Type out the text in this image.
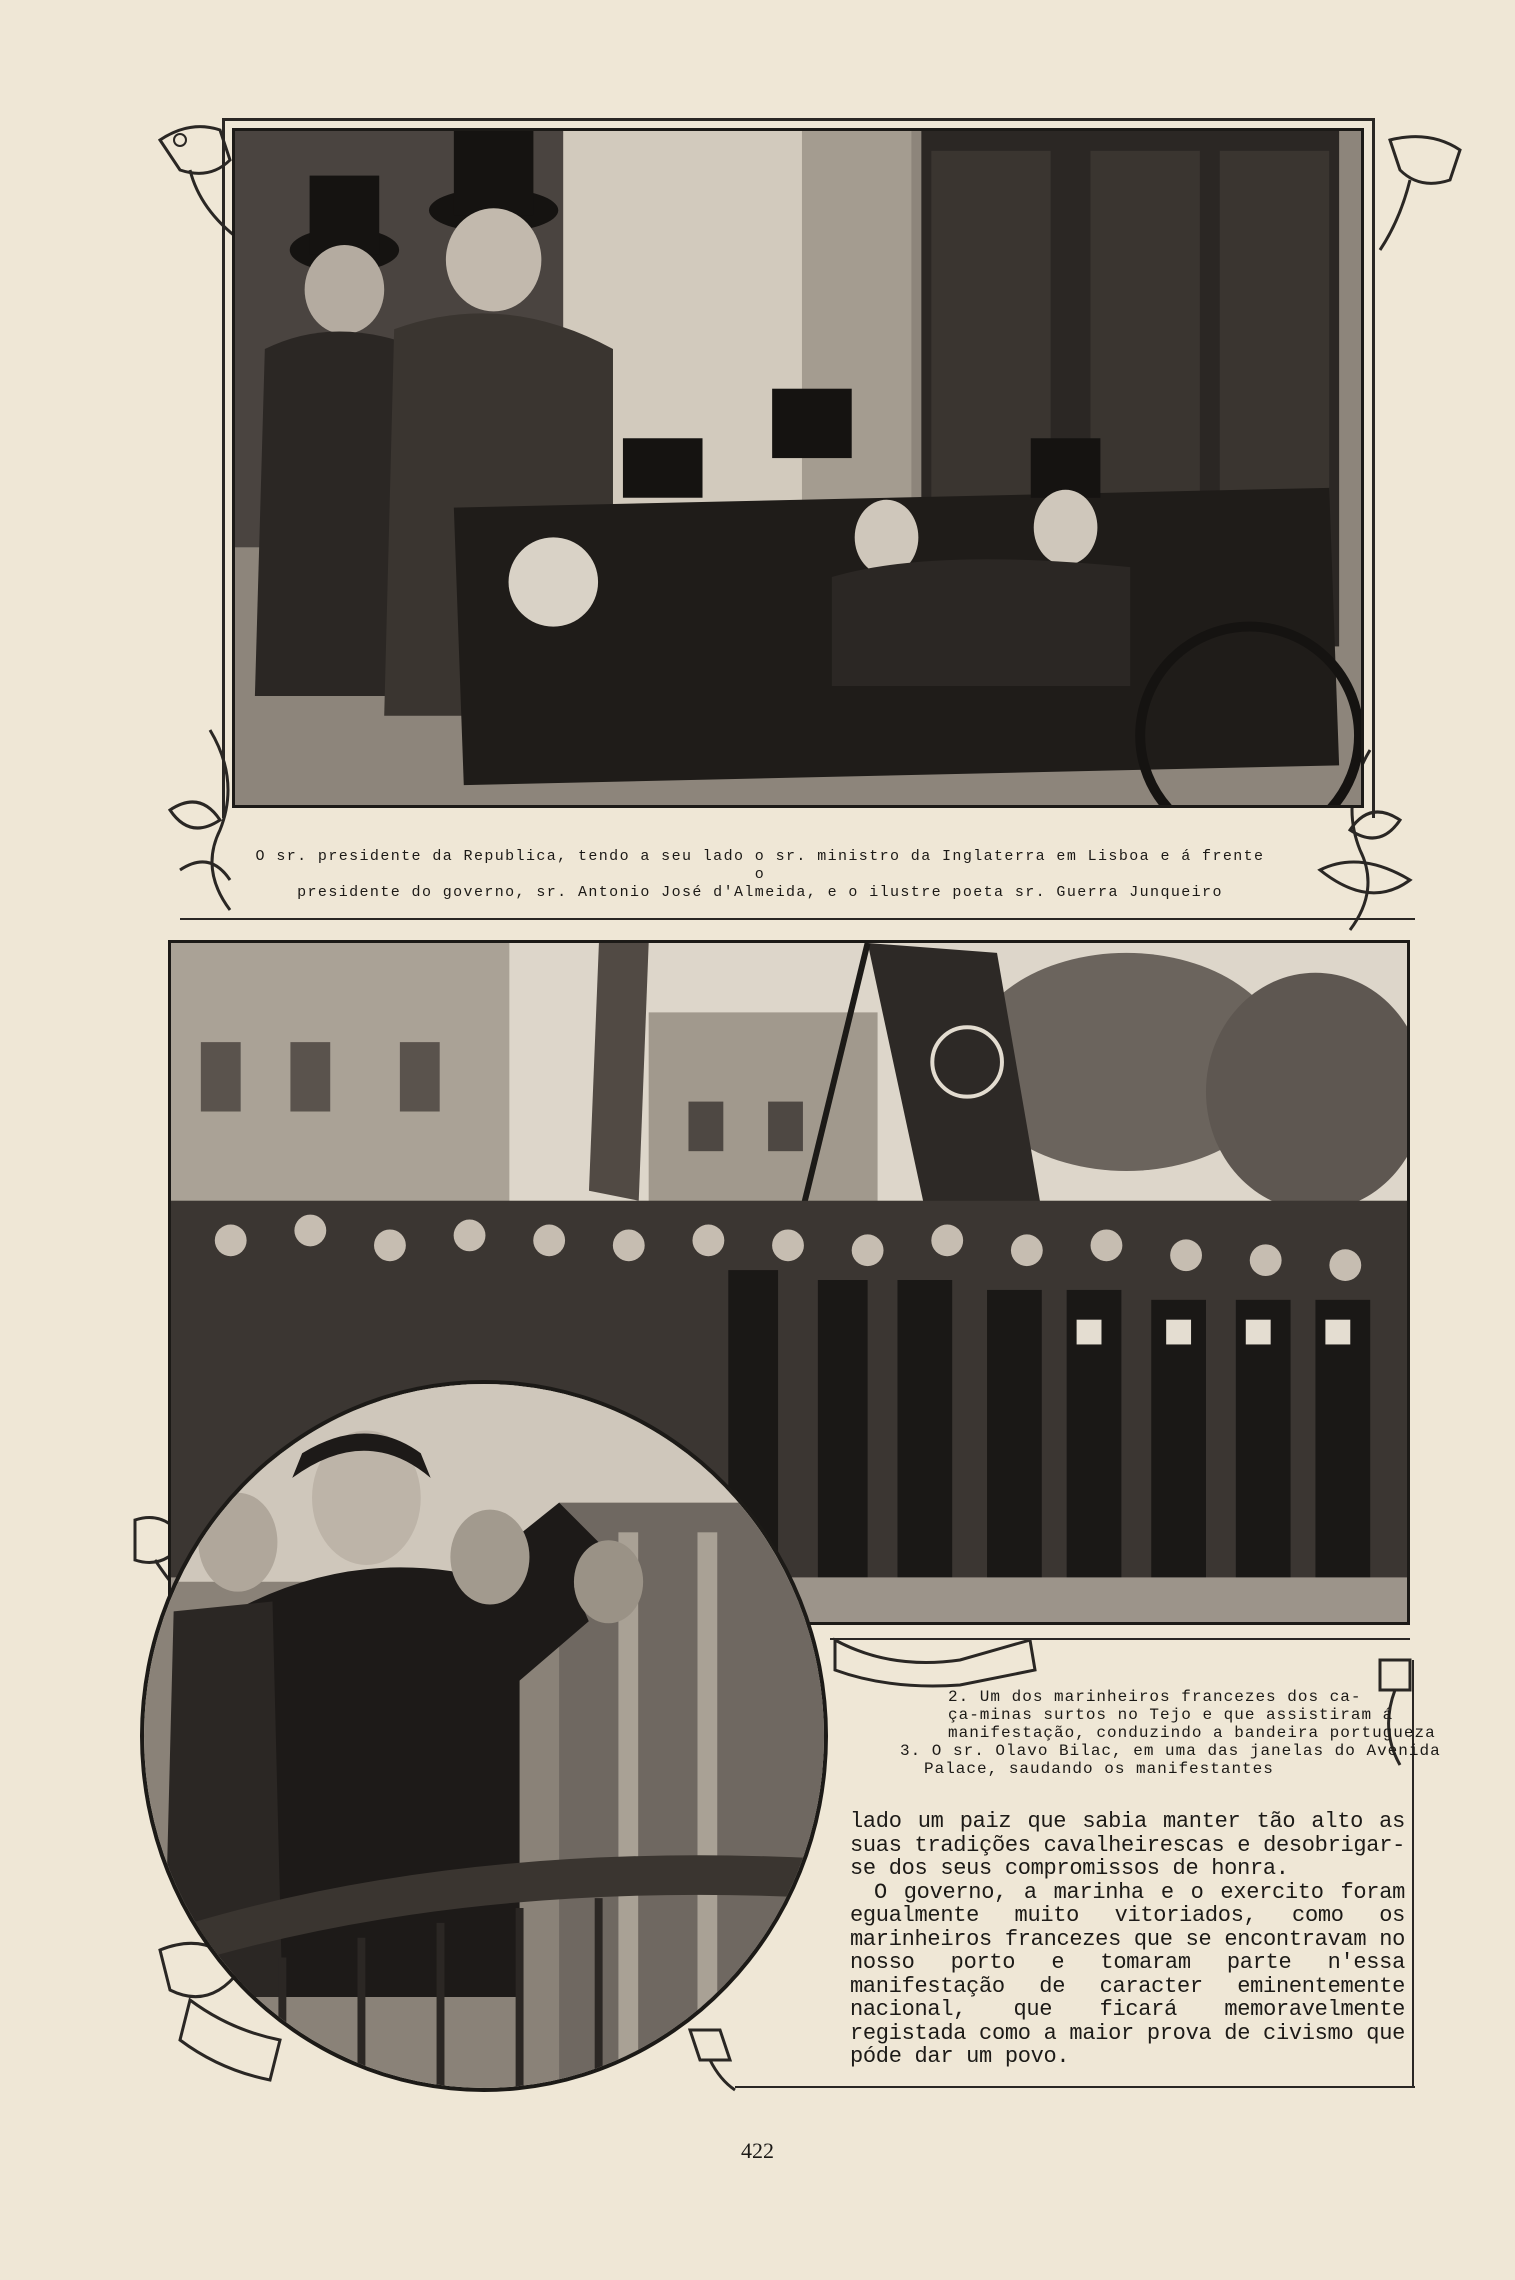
O sr. presidente da Republica, tendo a seu lado o sr. ministro da Inglaterra em Lisboa e á frente o
presidente do governo, sr. Antonio José d'Almeida, e o ilustre poeta sr. Guerra Junqueiro
2. Um dos marinheiros francezes dos ca-
ça-minas surtos no Tejo e que assistiram á
manifestação, conduzindo a bandeira portugueza
3. O sr. Olavo Bilac, em uma das janelas do Avenida
Palace, saudando os manifestantes

lado um paiz que sabia manter tão alto as suas tradições cavalheirescas e desobrigar-se dos seus compromissos de honra.

O governo, a marinha e o exercito foram egualmente muito vitoriados, como os marinheiros francezes que se encontravam no nosso porto e tomaram parte n'essa manifestação de caracter eminentemente nacional, que ficará memoravelmente registada como a maior prova de civismo que póde dar um povo.

422
